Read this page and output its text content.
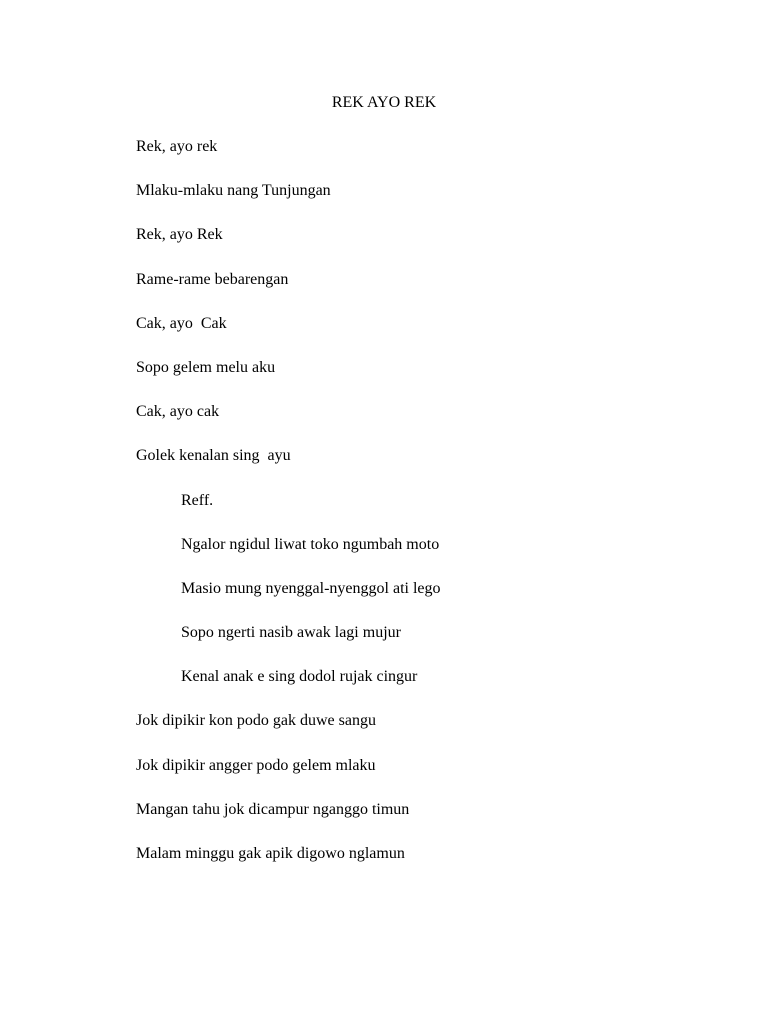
REK AYO REK
Rek, ayo rek
Mlaku-mlaku nang Tunjungan
Rek, ayo Rek
Rame-rame bebarengan
Cak, ayo  Cak
Sopo gelem melu aku
Cak, ayo cak
Golek kenalan sing  ayu
Reff.
Ngalor ngidul liwat toko ngumbah moto
Masio mung nyenggal-nyenggol ati lego
Sopo ngerti nasib awak lagi mujur
Kenal anak e sing dodol rujak cingur
Jok dipikir kon podo gak duwe sangu
Jok dipikir angger podo gelem mlaku
Mangan tahu jok dicampur nganggo timun
Malam minggu gak apik digowo nglamun
